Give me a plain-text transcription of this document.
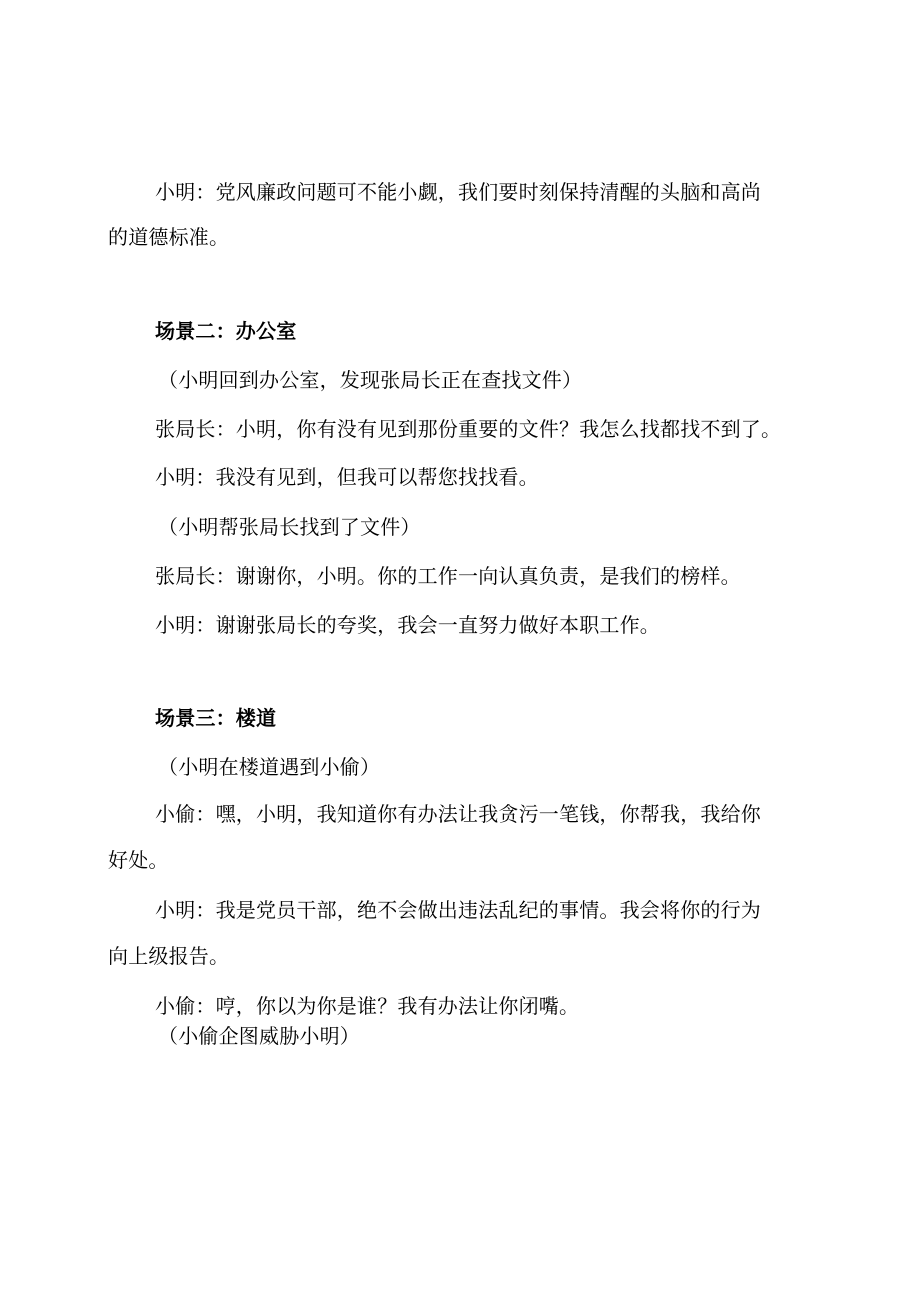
小明：党风廉政问题可不能小觑，我们要时刻保持清醒的头脑和高尚

的道德标准。

场景二：办公室

（小明回到办公室，发现张局长正在查找文件）

张局长：小明，你有没有见到那份重要的文件？我怎么找都找不到了。

小明：我没有见到，但我可以帮您找找看。

（小明帮张局长找到了文件）

张局长：谢谢你，小明。你的工作一向认真负责，是我们的榜样。

小明：谢谢张局长的夸奖，我会一直努力做好本职工作。

场景三：楼道

（小明在楼道遇到小偷）

小偷：嘿，小明，我知道你有办法让我贪污一笔钱，你帮我，我给你

好处。

小明：我是党员干部，绝不会做出违法乱纪的事情。我会将你的行为

向上级报告。

小偷：哼，你以为你是谁？我有办法让你闭嘴。

（小偷企图威胁小明）
